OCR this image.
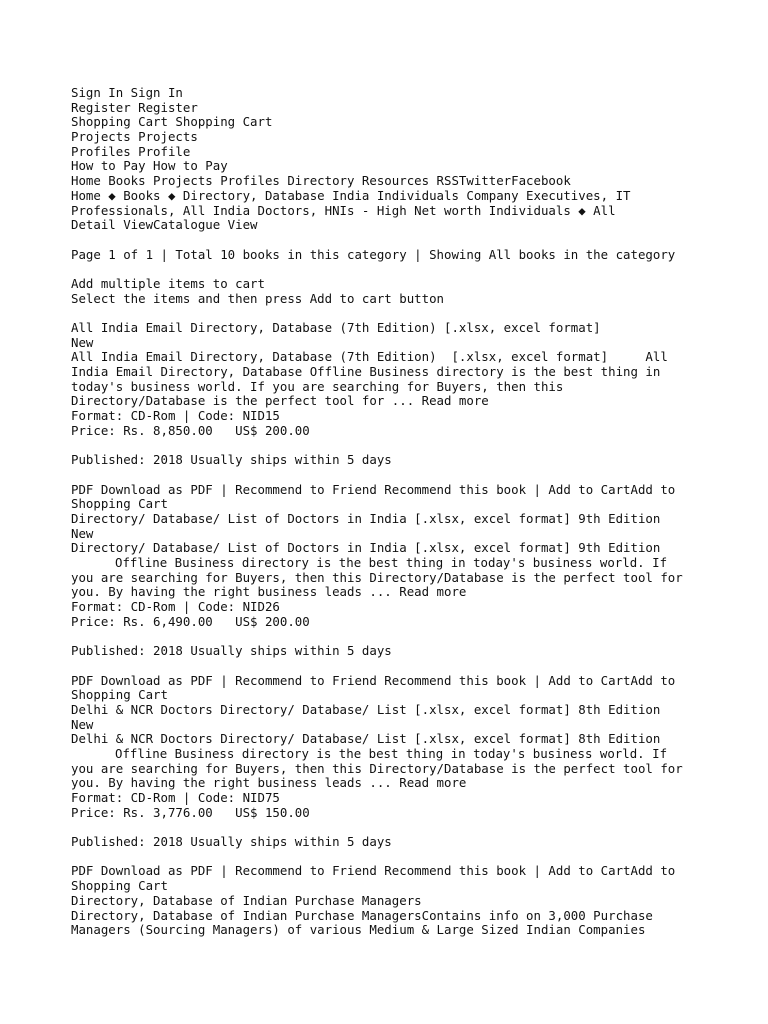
Sign In Sign In
Register Register
Shopping Cart Shopping Cart
Projects Projects
Profiles Profile
How to Pay How to Pay
Home Books Projects Profiles Directory Resources RSSTwitterFacebook
Home ◆ Books ◆ Directory, Database India Individuals Company Executives, IT
Professionals, All India Doctors, HNIs - High Net worth Individuals ◆ All
Detail ViewCatalogue View
Page 1 of 1 | Total 10 books in this category | Showing All books in the category
Add multiple items to cart
Select the items and then press Add to cart button
All India Email Directory, Database (7th Edition) [.xlsx, excel format]
New
All India Email Directory, Database (7th Edition)  [.xlsx, excel format]     All
India Email Directory, Database Offline Business directory is the best thing in
today's business world. If you are searching for Buyers, then this
Directory/Database is the perfect tool for ... Read more
Format: CD-Rom | Code: NID15
Price: Rs. 8,850.00   US$ 200.00
Published: 2018 Usually ships within 5 days
PDF Download as PDF | Recommend to Friend Recommend this book | Add to CartAdd to
Shopping Cart
Directory/ Database/ List of Doctors in India [.xlsx, excel format] 9th Edition
New
Directory/ Database/ List of Doctors in India [.xlsx, excel format] 9th Edition
Offline Business directory is the best thing in today's business world. If
you are searching for Buyers, then this Directory/Database is the perfect tool for
you. By having the right business leads ... Read more
Format: CD-Rom | Code: NID26
Price: Rs. 6,490.00   US$ 200.00
Published: 2018 Usually ships within 5 days
PDF Download as PDF | Recommend to Friend Recommend this book | Add to CartAdd to
Shopping Cart
Delhi & NCR Doctors Directory/ Database/ List [.xlsx, excel format] 8th Edition
New
Delhi & NCR Doctors Directory/ Database/ List [.xlsx, excel format] 8th Edition
Offline Business directory is the best thing in today's business world. If
you are searching for Buyers, then this Directory/Database is the perfect tool for
you. By having the right business leads ... Read more
Format: CD-Rom | Code: NID75
Price: Rs. 3,776.00   US$ 150.00
Published: 2018 Usually ships within 5 days
PDF Download as PDF | Recommend to Friend Recommend this book | Add to CartAdd to
Shopping Cart
Directory, Database of Indian Purchase Managers
Directory, Database of Indian Purchase ManagersContains info on 3,000 Purchase
Managers (Sourcing Managers) of various Medium & Large Sized Indian Companies
